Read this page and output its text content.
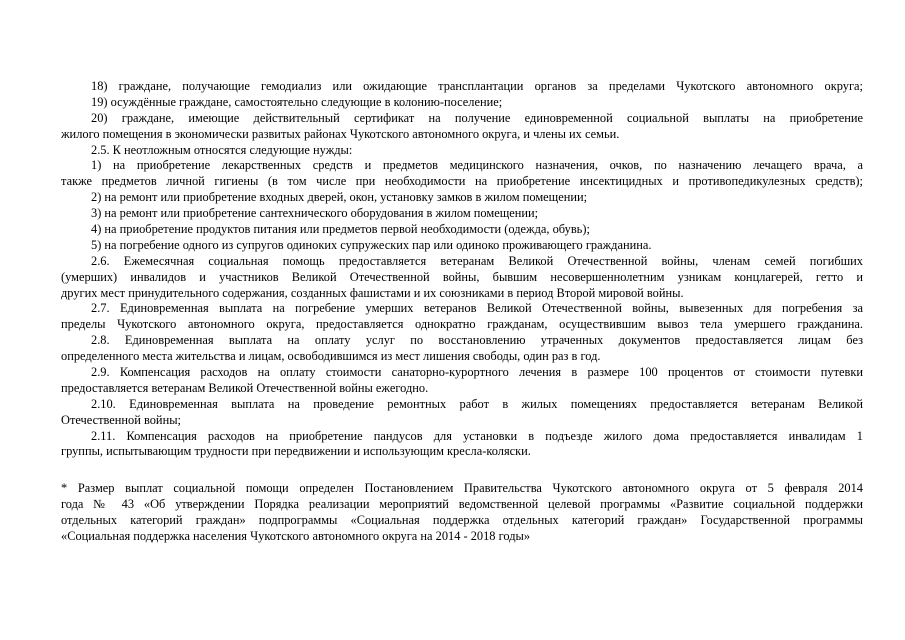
18) граждане, получающие гемодиализ или ожидающие трансплантации органов за пределами Чукотского автономного округа;
19) осуждённые граждане, самостоятельно следующие в колонию-поселение;
20) граждане, имеющие действительный сертификат на получение единовременной социальной выплаты на приобретение
жилого помещения в экономически развитых районах Чукотского автономного округа, и члены их семьи.
2.5. К неотложным относятся следующие нужды:
1) на приобретение лекарственных средств и предметов медицинского назначения, очков, по назначению лечащего врача, а
также предметов личной гигиены (в том числе при необходимости на приобретение инсектицидных и противопедикулезных средств);
2) на ремонт или приобретение входных дверей, окон, установку замков в жилом помещении;
3) на ремонт или приобретение сантехнического оборудования в жилом помещении;
4) на приобретение продуктов питания или предметов первой необходимости (одежда, обувь);
5) на погребение одного из супругов одиноких супружеских пар или одиноко проживающего гражданина.
2.6. Ежемесячная социальная помощь предоставляется ветеранам Великой Отечественной войны, членам семей погибших
(умерших) инвалидов и участников Великой Отечественной войны, бывшим несовершеннолетним узникам концлагерей, гетто и
других мест принудительного содержания, созданных фашистами и их союзниками в период Второй мировой войны.
2.7. Единовременная выплата на погребение умерших ветеранов Великой Отечественной войны, вывезенных для погребения за
пределы Чукотского автономного округа, предоставляется однократно гражданам, осуществившим вывоз тела умершего гражданина.
2.8. Единовременная выплата на оплату услуг по восстановлению утраченных документов предоставляется лицам без
определенного места жительства и лицам, освободившимся из мест лишения свободы, один раз в год.
2.9. Компенсация расходов на оплату стоимости санаторно-курортного лечения в размере 100 процентов от стоимости путевки
предоставляется ветеранам Великой Отечественной войны ежегодно.
2.10. Единовременная выплата на проведение ремонтных работ в жилых помещениях предоставляется ветеранам Великой
Отечественной войны;
2.11. Компенсация расходов на приобретение пандусов для установки в подъезде жилого дома предоставляется инвалидам 1
группы, испытывающим трудности при передвижении и использующим кресла-коляски.
* Размер выплат социальной помощи определен Постановлением Правительства Чукотского автономного округа от 5 февраля 2014
года № 43 «Об утверждении Порядка реализации мероприятий ведомственной целевой программы «Развитие социальной поддержки
отдельных категорий граждан» подпрограммы «Социальная поддержка отдельных категорий граждан» Государственной программы
«Социальная поддержка населения Чукотского автономного округа на 2014 - 2018 годы»
